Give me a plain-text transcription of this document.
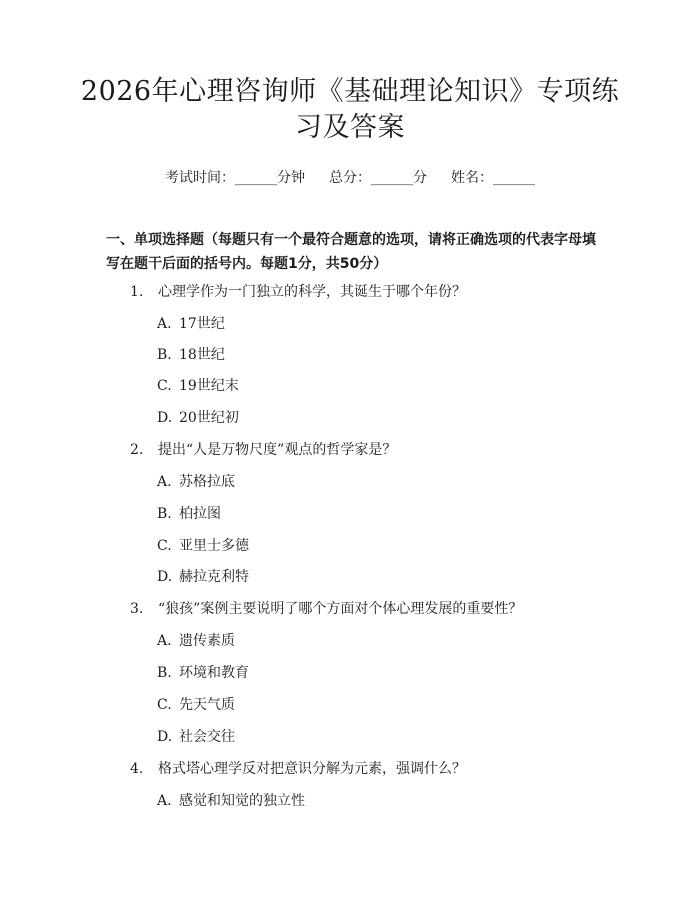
2026年心理咨询师《基础理论知识》专项练
习及答案
考试时间：______分钟 总分：______分 姓名：______
一、单项选择题（每题只有一个最符合题意的选项，请将正确选项的代表字母填写在题干后面的括号内。每题1分，共50分）
1. 心理学作为一门独立的科学，其诞生于哪个年份？
A. 17世纪
B. 18世纪
C. 19世纪末
D. 20世纪初
2. 提出“人是万物尺度”观点的哲学家是？
A. 苏格拉底
B. 柏拉图
C. 亚里士多德
D. 赫拉克利特
3. “狼孩”案例主要说明了哪个方面对个体心理发展的重要性？
A. 遗传素质
B. 环境和教育
C. 先天气质
D. 社会交往
4. 格式塔心理学反对把意识分解为元素，强调什么？
A. 感觉和知觉的独立性
